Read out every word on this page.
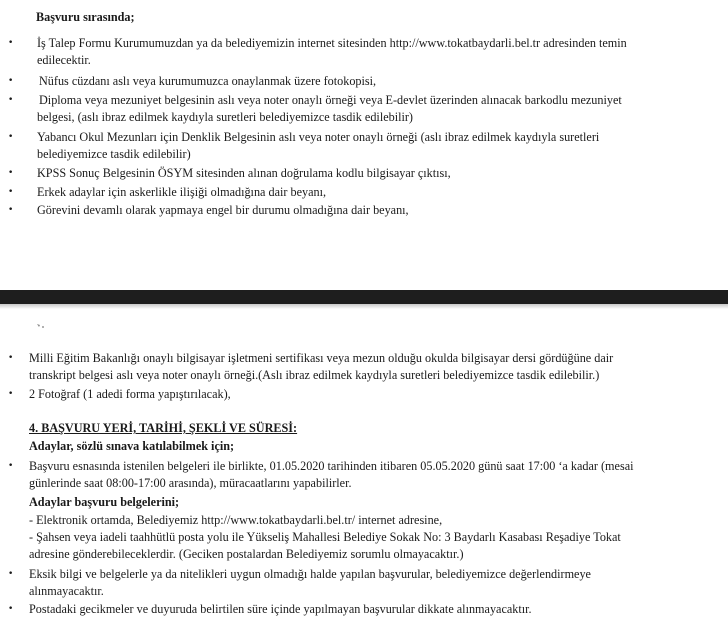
Başvuru sırasında;
•	İş Talep Formu Kurumumuzdan ya da belediyemizin internet sitesinden http://www.tokatbaydarli.bel.tr adresinden temin
edilecektir.
•	Nüfus cüzdanı aslı veya kurumumuzca onaylanmak üzere fotokopisi,
•	Diploma veya mezuniyet belgesinin aslı veya noter onaylı örneği veya E-devlet üzerinden alınacak barkodlu mezuniyet
belgesi, (aslı ibraz edilmek kaydıyla suretleri belediyemizce tasdik edilebilir)
•	Yabancı Okul Mezunları için Denklik Belgesinin aslı veya noter onaylı örneği (aslı ibraz edilmek kaydıyla suretleri
belediyemizce tasdik edilebilir)
•	KPSS Sonuç Belgesinin ÖSYM sitesinden alınan doğrulama kodlu bilgisayar çıktısı,
•	Erkek adaylar için askerlikle ilişiği olmadığına dair beyanı,
•	Görevini devamlı olarak yapmaya engel bir durumu olmadığına dair beyanı,
•	Milli Eğitim Bakanlığı onaylı bilgisayar işletmeni sertifikası veya mezun olduğu okulda bilgisayar dersi gördüğüne dair
transkript belgesi aslı veya noter onaylı örneği.(Aslı ibraz edilmek kaydıyla suretleri belediyemizce tasdik edilebilir.)
•	2 Fotoğraf (1 adedi forma yapıştırılacak),
4. BAŞVURU YERİ, TARİHİ, ŞEKLİ VE SÜRESİ:
Adaylar, sözlü sınava katılabilmek için;
•	Başvuru esnasında istenilen belgeleri ile birlikte, 01.05.2020 tarihinden itibaren 05.05.2020 günü saat 17:00 ‘a kadar (mesai
günlerinde saat 08:00-17:00 arasında), müracaatlarını yapabilirler.
Adaylar başvuru belgelerini;
- Elektronik ortamda, Belediyemiz http://www.tokatbaydarli.bel.tr/ internet adresine,
- Şahsen veya iadeli taahhütlü posta yolu ile Yükseliş Mahallesi Belediye Sokak No: 3 Baydarlı Kasabası Reşadiye Tokat
adresine gönderebileceklerdir. (Geciken postalardan Belediyemiz sorumlu olmayacaktır.)
•	Eksik bilgi ve belgelerle ya da nitelikleri uygun olmadığı halde yapılan başvurular, belediyemizce değerlendirmeye
alınmayacaktır.
•	Postadaki gecikmeler ve duyuruda belirtilen süre içinde yapılmayan başvurular dikkate alınmayacaktır.
